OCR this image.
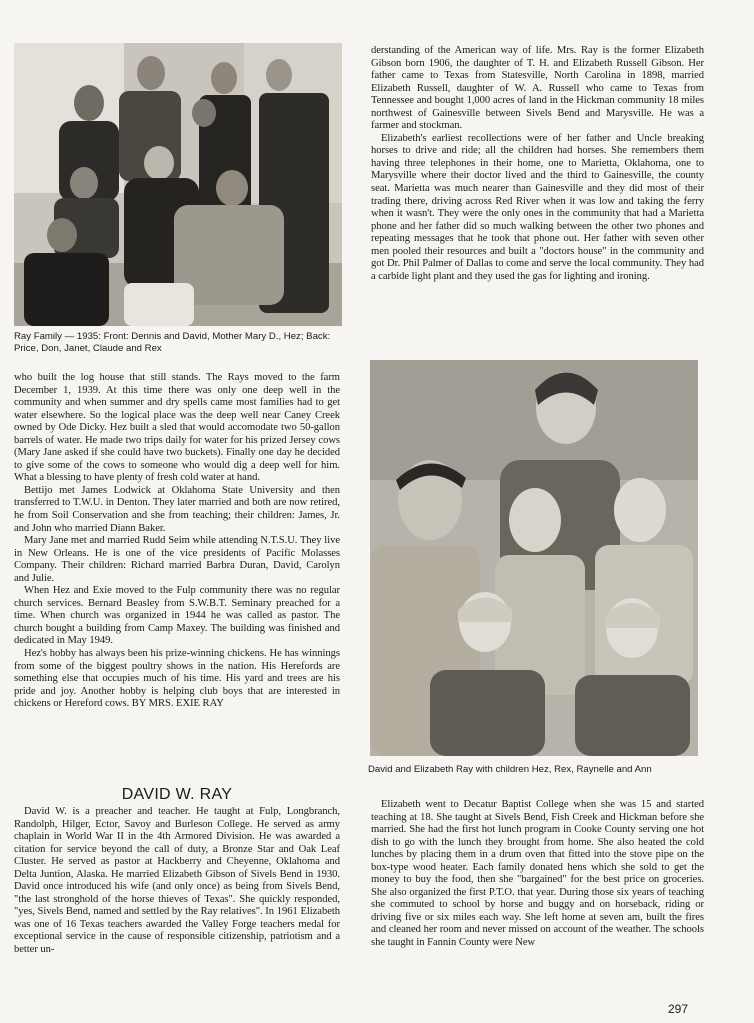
Ray Family — 1935: Front: Dennis and David, Mother Mary D., Hez; Back: Price, Don, Janet, Claude and Rex

derstanding of the American way of life. Mrs. Ray is the former Elizabeth Gibson born 1906, the daughter of T. H. and Elizabeth Russell Gibson. Her father came to Texas from Statesville, North Carolina in 1898, married Elizabeth Russell, daughter of W. A. Russell who came to Texas from Tennessee and bought 1,000 acres of land in the Hickman community 18 miles northwest of Gainesville between Sivels Bend and Marysville. He was a farmer and stockman.

Elizabeth's earliest recollections were of her father and Uncle breaking horses to drive and ride; all the children had horses. She remembers them having three telephones in their home, one to Marietta, Oklahoma, one to Marysville where their doctor lived and the third to Gainesville, the county seat. Marietta was much nearer than Gainesville and they did most of their trading there, driving across Red River when it was low and taking the ferry when it wasn't. They were the only ones in the community that had a Marietta phone and her father did so much walking between the other two phones and repeating messages that he took that phone out. Her father with seven other men pooled their resources and built a "doctors house" in the community and got Dr. Phil Palmer of Dallas to come and serve the local community. They had a carbide light plant and they used the gas for lighting and ironing.

who built the log house that still stands. The Rays moved to the farm December 1, 1939. At this time there was only one deep well in the community and when summer and dry spells came most families had to get water elsewhere. So the logical place was the deep well near Caney Creek owned by Ode Dicky. Hez built a sled that would accomodate two 50-gallon barrels of water. He made two trips daily for water for his prized Jersey cows (Mary Jane asked if she could have two buckets). Finally one day he decided to give some of the cows to someone who would dig a deep well for him. What a blessing to have plenty of fresh cold water at hand.

Bettijo met James Lodwick at Oklahoma State University and then transferred to T.W.U. in Denton. They later married and both are now retired, he from Soil Conservation and she from teaching; their children: James, Jr. and John who married Diann Baker.

Mary Jane met and married Rudd Seim while attending N.T.S.U. They live in New Orleans. He is one of the vice presidents of Pacific Molasses Company. Their children: Richard married Barbra Duran, David, Carolyn and Julie.

When Hez and Exie moved to the Fulp community there was no regular church services. Bernard Beasley from S.W.B.T. Seminary preached for a time. When church was organized in 1944 he was called as pastor. The church bought a building from Camp Maxey. The building was finished and dedicated in May 1949.

Hez's hobby has always been his prize-winning chickens. He has winnings from some of the biggest poultry shows in the nation. His Herefords are something else that occupies much of his time. His yard and trees are his pride and joy. Another hobby is helping club boys that are interested in chickens or Hereford cows. BY MRS. EXIE RAY

David and Elizabeth Ray with children Hez, Rex, Raynelle and Ann

DAVID W. RAY

David W. is a preacher and teacher. He taught at Fulp, Longbranch, Randolph, Hilger, Ector, Savoy and Burleson College. He served as army chaplain in World War II in the 4th Armored Division. He was awarded a citation for service beyond the call of duty, a Bronze Star and Oak Leaf Cluster. He served as pastor at Hackberry and Cheyenne, Oklahoma and Delta Juntion, Alaska. He married Elizabeth Gibson of Sivels Bend in 1930. David once introduced his wife (and only once) as being from Sivels Bend, "the last stronghold of the horse thieves of Texas". She quickly responded, "yes, Sivels Bend, named and settled by the Ray relatives". In 1961 Elizabeth was one of 16 Texas teachers awarded the Valley Forge teachers medal for exceptional service in the cause of responsible citizenship, patriotism and a better un-

Elizabeth went to Decatur Baptist College when she was 15 and started teaching at 18. She taught at Sivels Bend, Fish Creek and Hickman before she married. She had the first hot lunch program in Cooke County serving one hot dish to go with the lunch they brought from home. She also heated the cold lunches by placing them in a drum oven that fitted into the stove pipe on the box-type wood heater. Each family donated hens which she sold to get the money to buy the food, then she "bargained" for the best price on groceries. She also organized the first P.T.O. that year. During those six years of teaching she commuted to school by horse and buggy and on horseback, riding or driving five or six miles each way. She left home at seven am, built the fires and cleaned her room and never missed on account of the weather. The schools she taught in Fannin County were New

297
